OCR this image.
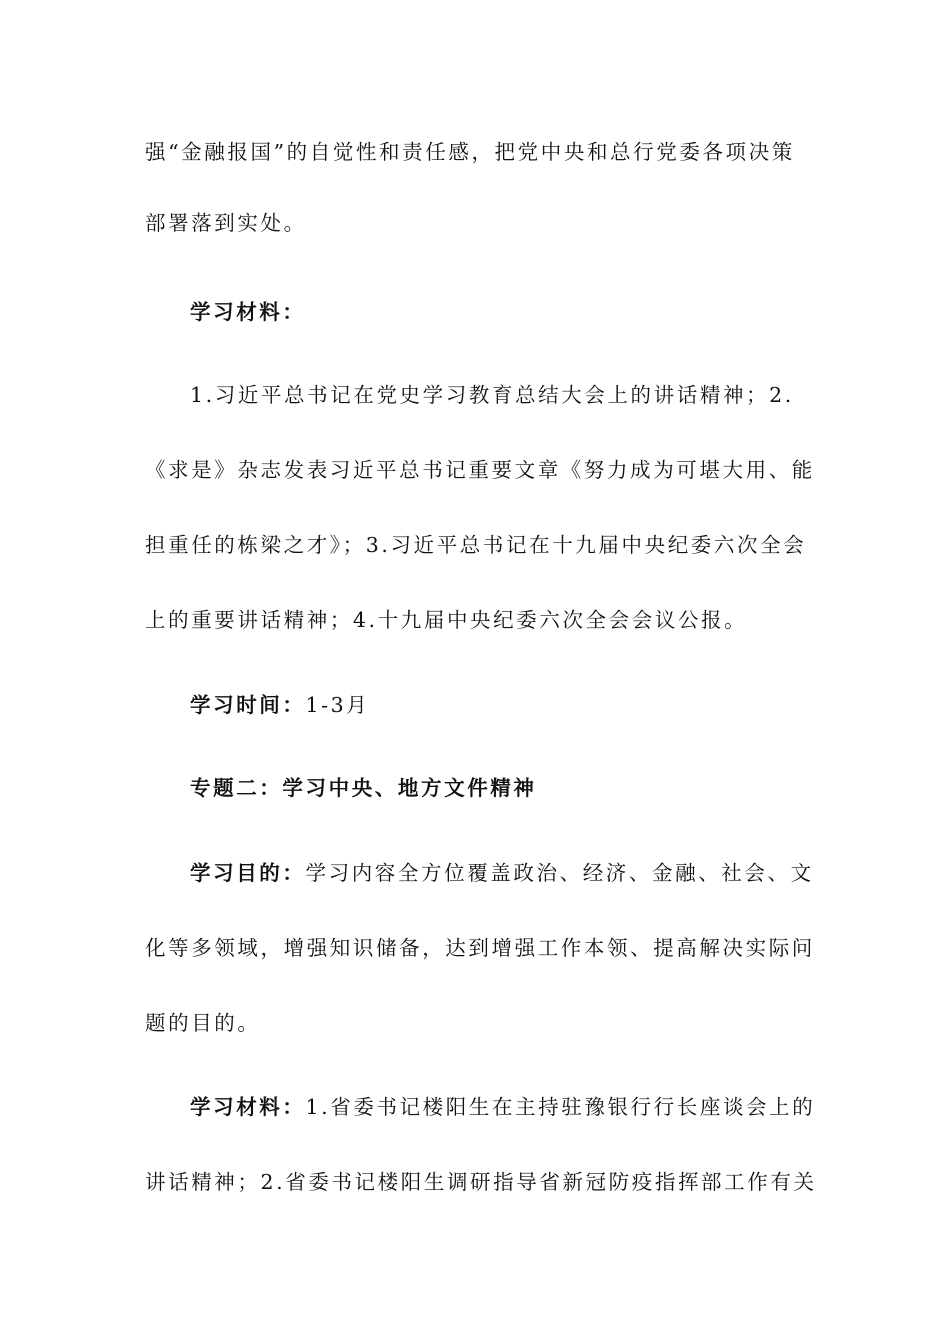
强“金融报国”的自觉性和责任感，把党中央和总行党委各项决策
部署落到实处。
学习材料：
1.习近平总书记在党史学习教育总结大会上的讲话精神；2.
《求是》杂志发表习近平总书记重要文章《努力成为可堪大用、能
担重任的栋梁之才》；3.习近平总书记在十九届中央纪委六次全会
上的重要讲话精神；4.十九届中央纪委六次全会会议公报。
学习时间：1-3月
专题二：学习中央、地方文件精神
学习目的：学习内容全方位覆盖政治、经济、金融、社会、文
化等多领域，增强知识储备，达到增强工作本领、提高解决实际问
题的目的。
学习材料：1.省委书记楼阳生在主持驻豫银行行长座谈会上的
讲话精神；2.省委书记楼阳生调研指导省新冠防疫指挥部工作有关
